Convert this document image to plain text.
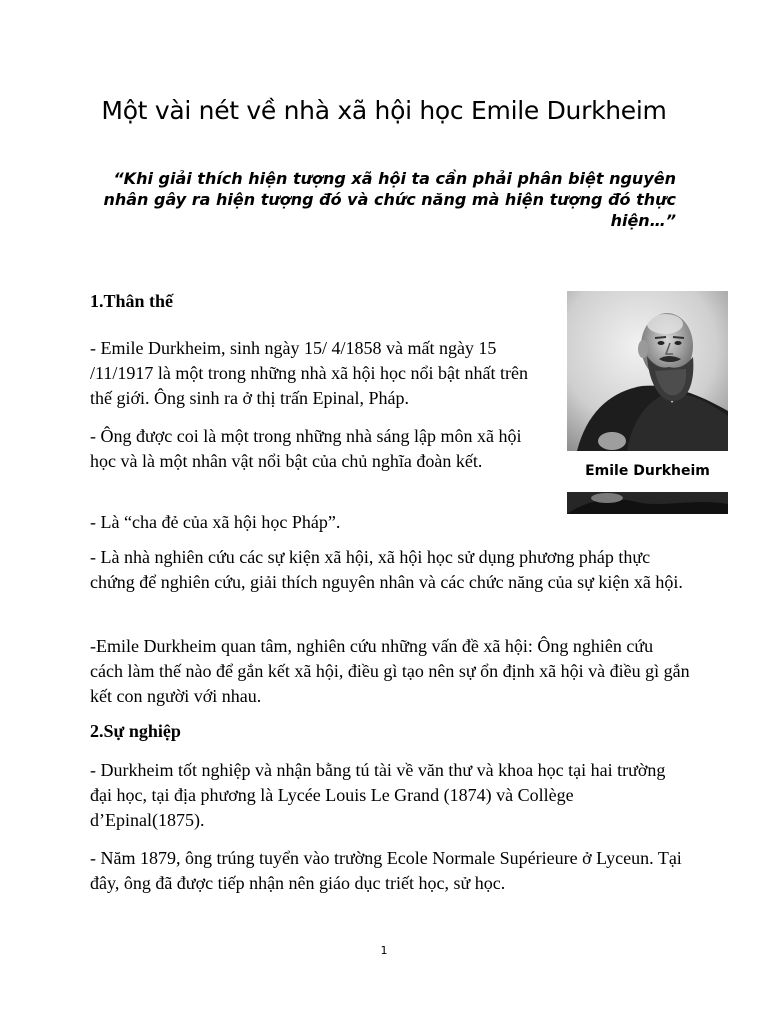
Một vài nét về nhà xã hội học Emile Durkheim

“Khi giải thích hiện tượng xã hội ta cần phải phân biệt nguyên nhân gây ra hiện tượng đó và chức năng mà hiện tượng đó thực hiện…”

1.Thân thế

- Emile Durkheim, sinh ngày 15/ 4/1858 và mất ngày 15 /11/1917 là một trong những nhà xã hội học nổi bật nhất trên thế giới. Ông sinh ra ở thị trấn Epinal, Pháp.

- Ông được coi là một trong những nhà sáng lập môn xã hội học và là một nhân vật nổi bật của chủ nghĩa đoàn kết.

- Là “cha đẻ của xã hội học Pháp”.

- Là nhà nghiên cứu các sự kiện xã hội, xã hội học sử dụng phương pháp thực chứng để nghiên cứu, giải thích nguyên nhân và các chức năng của sự kiện xã hội.

-Emile Durkheim quan tâm, nghiên cứu những vấn đề xã hội: Ông nghiên cứu cách làm thế nào để gắn kết xã hội, điều gì tạo nên sự ổn định xã hội và điều gì gắn kết con người với nhau.

2.Sự nghiệp

- Durkheim tốt nghiệp và nhận bằng tú tài về văn thư và khoa học tại hai trường đại học, tại địa phương là Lycée Louis Le Grand (1874) và Collège d’Epinal(1875).

- Năm 1879, ông trúng tuyển vào trường Ecole Normale Supérieure ở Lyceun. Tại đây, ông đã được tiếp nhận nên giáo dục triết học, sử học.

Emile Durkheim
1
